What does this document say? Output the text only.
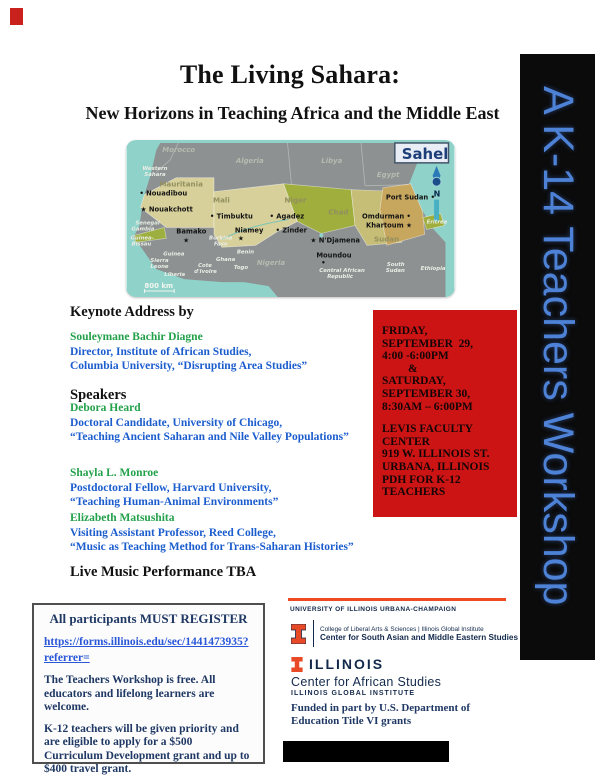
The Living Sahara:
New Horizons in Teaching Africa and the Middle East
Morocco
Algeria	Libya
Egypt
Western
Sahara
Mauritania
Mali	Niger
Chad
Sudan
• Nouadibou
★ Nouakchott
• Timbuktu • Agadez
Bamako
★
Niamey
★
• Zinder
★ N'Djamena
Moundou
•
Omdurman •
Khartoum ★
Port Sudan •
Senegal
Gambia
Guinea-
Bissau
Guinea
Sierra
Leone
Liberia
Cote
d'Ivoire
Ghana
Togo
Benin
Burkina
Faso
Nigeria
Central African
Republic
South
Sudan	Ethiopia
Eritrea
800 km
Sahel
N	A K-14 Teachers Workshop
Keynote Address by
Souleymane Bachir Diagne
Director, Institute of African Studies,
Columbia University, “Disrupting Area Studies”
Speakers
Debora Heard
Doctoral Candidate, University of Chicago,
“Teaching Ancient Saharan and Nile Valley Populations”
Shayla L. Monroe
Postdoctoral Fellow, Harvard University,
“Teaching Human-Animal Environments”
Elizabeth Matsushita
Visiting Assistant Professor, Reed College,
“Music as Teaching Method for Trans-Saharan Histories”
Live Music Performance TBA
FRIDAY,
SEPTEMBER  29,
4:00 -6:00PM
&
SATURDAY,
SEPTEMBER 30,
8:30AM – 6:00PM
LEVIS FACULTY
CENTER
919 W. ILLINOIS ST.
URBANA, ILLINOIS
PDH FOR K-12
TEACHERS
All participants MUST REGISTER
https://forms.illinois.edu/sec/1441473935?referrer=
The Teachers Workshop is free. All educators and lifelong learners are welcome.
K-12 teachers will be given priority and are eligible to apply for a $500 Curriculum Development grant and up to $400 travel grant.
UNIVERSITY OF ILLINOIS URBANA-CHAMPAIGN
College of Liberal Arts & Sciences | Illinois Global Institute
Center for South Asian and Middle Eastern Studies
ILLINOIS
Center for African Studies
ILLINOIS GLOBAL INSTITUTE
Funded in part by U.S. Department of
Education Title VI grants
